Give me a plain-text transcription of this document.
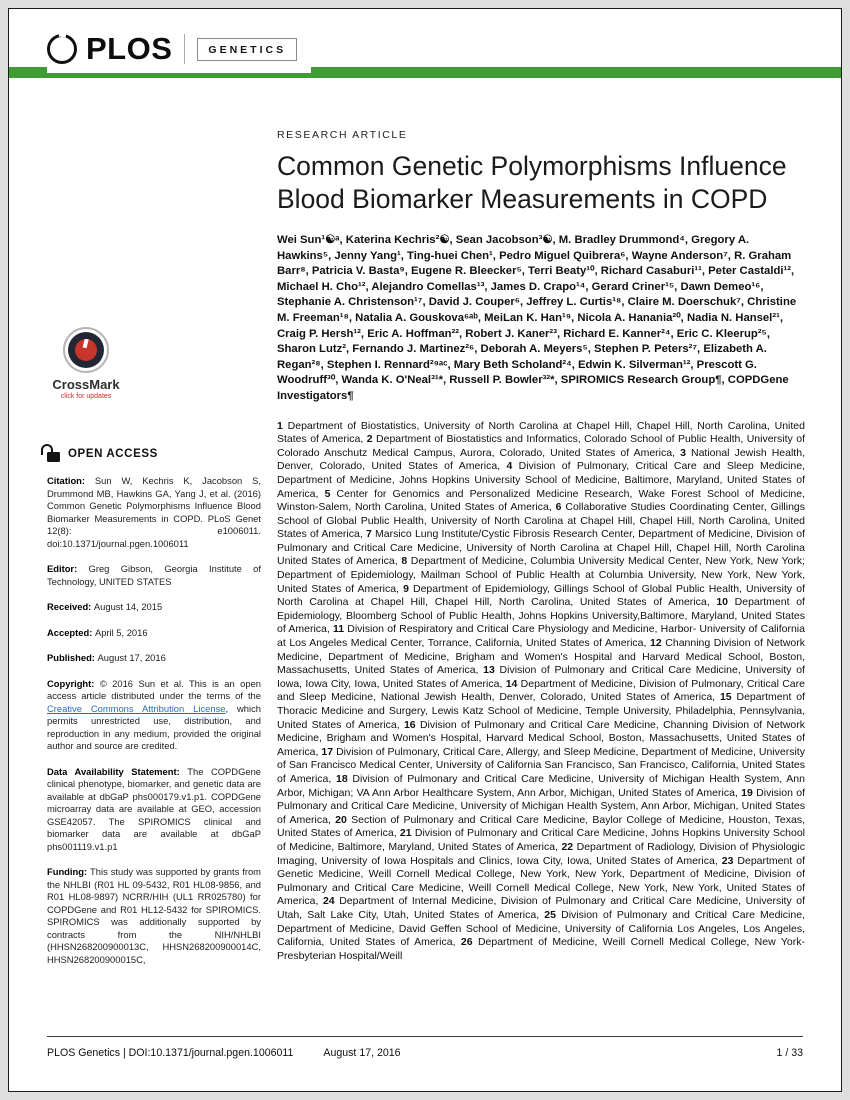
PLOS	GENETICS
CrossMark
click for updates
OPEN ACCESS

Citation: Sun W, Kechris K, Jacobson S, Drummond MB, Hawkins GA, Yang J, et al. (2016) Common Genetic Polymorphisms Influence Blood Biomarker Measurements in COPD. PLoS Genet 12(8): e1006011. doi:10.1371/journal.pgen.1006011

Editor: Greg Gibson, Georgia Institute of Technology, UNITED STATES

Received: August 14, 2015

Accepted: April 5, 2016

Published: August 17, 2016

Copyright: © 2016 Sun et al. This is an open access article distributed under the terms of the Creative Commons Attribution License, which permits unrestricted use, distribution, and reproduction in any medium, provided the original author and source are credited.

Data Availability Statement: The COPDGene clinical phenotype, biomarker, and genetic data are available at dbGaP phs000179.v1.p1. COPDGene microarray data are available at GEO, accession GSE42057. The SPIROMICS clinical and biomarker data are available at dbGaP phs001119.v1.p1

Funding: This study was supported by grants from the NHLBI (R01 HL 09-5432, R01 HL08-9856, and R01 HL08-9897) NCRR/HIH (UL1 RR025780) for COPDGene and R01 HL12-5432 for SPIROMICS. SPIROMICS was additionally supported by contracts from the NIH/NHLBI (HHSN268200900013C, HHSN268200900014C, HHSN268200900015C,

RESEARCH ARTICLE
Common Genetic Polymorphisms Influence Blood Biomarker Measurements in COPD

Wei Sun¹☯ᵃ, Katerina Kechris²☯, Sean Jacobson³☯, M. Bradley Drummond⁴, Gregory A. Hawkins⁵, Jenny Yang¹, Ting-huei Chen¹, Pedro Miguel Quibrera⁶, Wayne Anderson⁷, R. Graham Barr⁸, Patricia V. Basta⁹, Eugene R. Bleecker⁵, Terri Beaty¹⁰, Richard Casaburi¹¹, Peter Castaldi¹², Michael H. Cho¹², Alejandro Comellas¹³, James D. Crapo¹⁴, Gerard Criner¹⁵, Dawn Demeo¹⁶, Stephanie A. Christenson¹⁷, David J. Couper⁶, Jeffrey L. Curtis¹⁸, Claire M. Doerschuk⁷, Christine M. Freeman¹⁸, Natalia A. Gouskova⁶ᵃᵇ, MeiLan K. Han¹⁹, Nicola A. Hanania²⁰, Nadia N. Hansel²¹, Craig P. Hersh¹², Eric A. Hoffman²², Robert J. Kaner²³, Richard E. Kanner²⁴, Eric C. Kleerup²⁵, Sharon Lutz², Fernando J. Martinez²⁶, Deborah A. Meyers⁵, Stephen P. Peters²⁷, Elizabeth A. Regan²⁸, Stephen I. Rennard²⁹ᵃᶜ, Mary Beth Scholand²⁴, Edwin K. Silverman¹², Prescott G. Woodruff³⁰, Wanda K. O'Neal³¹*, Russell P. Bowler³²*, SPIROMICS Research Group¶, COPDGene Investigators¶

1 Department of Biostatistics, University of North Carolina at Chapel Hill, Chapel Hill, North Carolina, United States of America, 2 Department of Biostatistics and Informatics, Colorado School of Public Health, University of Colorado Anschutz Medical Campus, Aurora, Colorado, United States of America, 3 National Jewish Health, Denver, Colorado, United States of America, 4 Division of Pulmonary, Critical Care and Sleep Medicine, Department of Medicine, Johns Hopkins University School of Medicine, Baltimore, Maryland, United States of America, 5 Center for Genomics and Personalized Medicine Research, Wake Forest School of Medicine, Winston-Salem, North Carolina, United States of America, 6 Collaborative Studies Coordinating Center, Gillings School of Global Public Health, University of North Carolina at Chapel Hill, Chapel Hill, North Carolina, United States of America, 7 Marsico Lung Institute/Cystic Fibrosis Research Center, Department of Medicine, Division of Pulmonary and Critical Care Medicine, University of North Carolina at Chapel Hill, Chapel Hill, North Carolina United States of America, 8 Department of Medicine, Columbia University Medical Center, New York, New York; Department of Epidemiology, Mailman School of Public Health at Columbia University, New York, New York, United States of America, 9 Department of Epidemiology, Gillings School of Global Public Health, University of North Carolina at Chapel Hill, Chapel Hill, North Carolina, United States of America, 10 Department of Epidemiology, Bloomberg School of Public Health, Johns Hopkins University,Baltimore, Maryland, United States of America, 11 Division of Respiratory and Critical Care Physiology and Medicine, Harbor- University of California at Los Angeles Medical Center, Torrance, California, United States of America, 12 Channing Division of Network Medicine, Department of Medicine, Brigham and Women's Hospital and Harvard Medical School, Boston, Massachusetts, United States of America, 13 Division of Pulmonary and Critical Care Medicine, University of Iowa, Iowa City, Iowa, United States of America, 14 Department of Medicine, Division of Pulmonary, Critical Care and Sleep Medicine, National Jewish Health, Denver, Colorado, United States of America, 15 Department of Thoracic Medicine and Surgery, Lewis Katz School of Medicine, Temple University, Philadelphia, Pennsylvania, United States of America, 16 Division of Pulmonary and Critical Care Medicine, Channing Division of Network Medicine, Brigham and Women's Hospital, Harvard Medical School, Boston, Massachusetts, United States of America, 17 Division of Pulmonary, Critical Care, Allergy, and Sleep Medicine, Department of Medicine, University of San Francisco Medical Center, University of California San Francisco, San Francisco, California, United States of America, 18 Division of Pulmonary and Critical Care Medicine, University of Michigan Health System, Ann Arbor, Michigan; VA Ann Arbor Healthcare System, Ann Arbor, Michigan, United States of America, 19 Division of Pulmonary and Critical Care Medicine, University of Michigan Health System, Ann Arbor, Michigan, United States of America, 20 Section of Pulmonary and Critical Care Medicine, Baylor College of Medicine, Houston, Texas, United States of America, 21 Division of Pulmonary and Critical Care Medicine, Johns Hopkins University School of Medicine, Baltimore, Maryland, United States of America, 22 Department of Radiology, Division of Physiologic Imaging, University of Iowa Hospitals and Clinics, Iowa City, Iowa, United States of America, 23 Department of Genetic Medicine, Weill Cornell Medical College, New York, New York, Department of Medicine, Division of Pulmonary and Critical Care Medicine, Weill Cornell Medical College, New York, New York, United States of America, 24 Department of Internal Medicine, Division of Pulmonary and Critical Care Medicine, University of Utah, Salt Lake City, Utah, United States of America, 25 Division of Pulmonary and Critical Care Medicine, Department of Medicine, David Geffen School of Medicine, University of California Los Angeles, Los Angeles, California, United States of America, 26 Department of Medicine, Weill Cornell Medical College, New York-Presbyterian Hospital/Weill

PLOS Genetics | DOI:10.1371/journal.pgen.1006011	August 17, 2016	1 / 33
